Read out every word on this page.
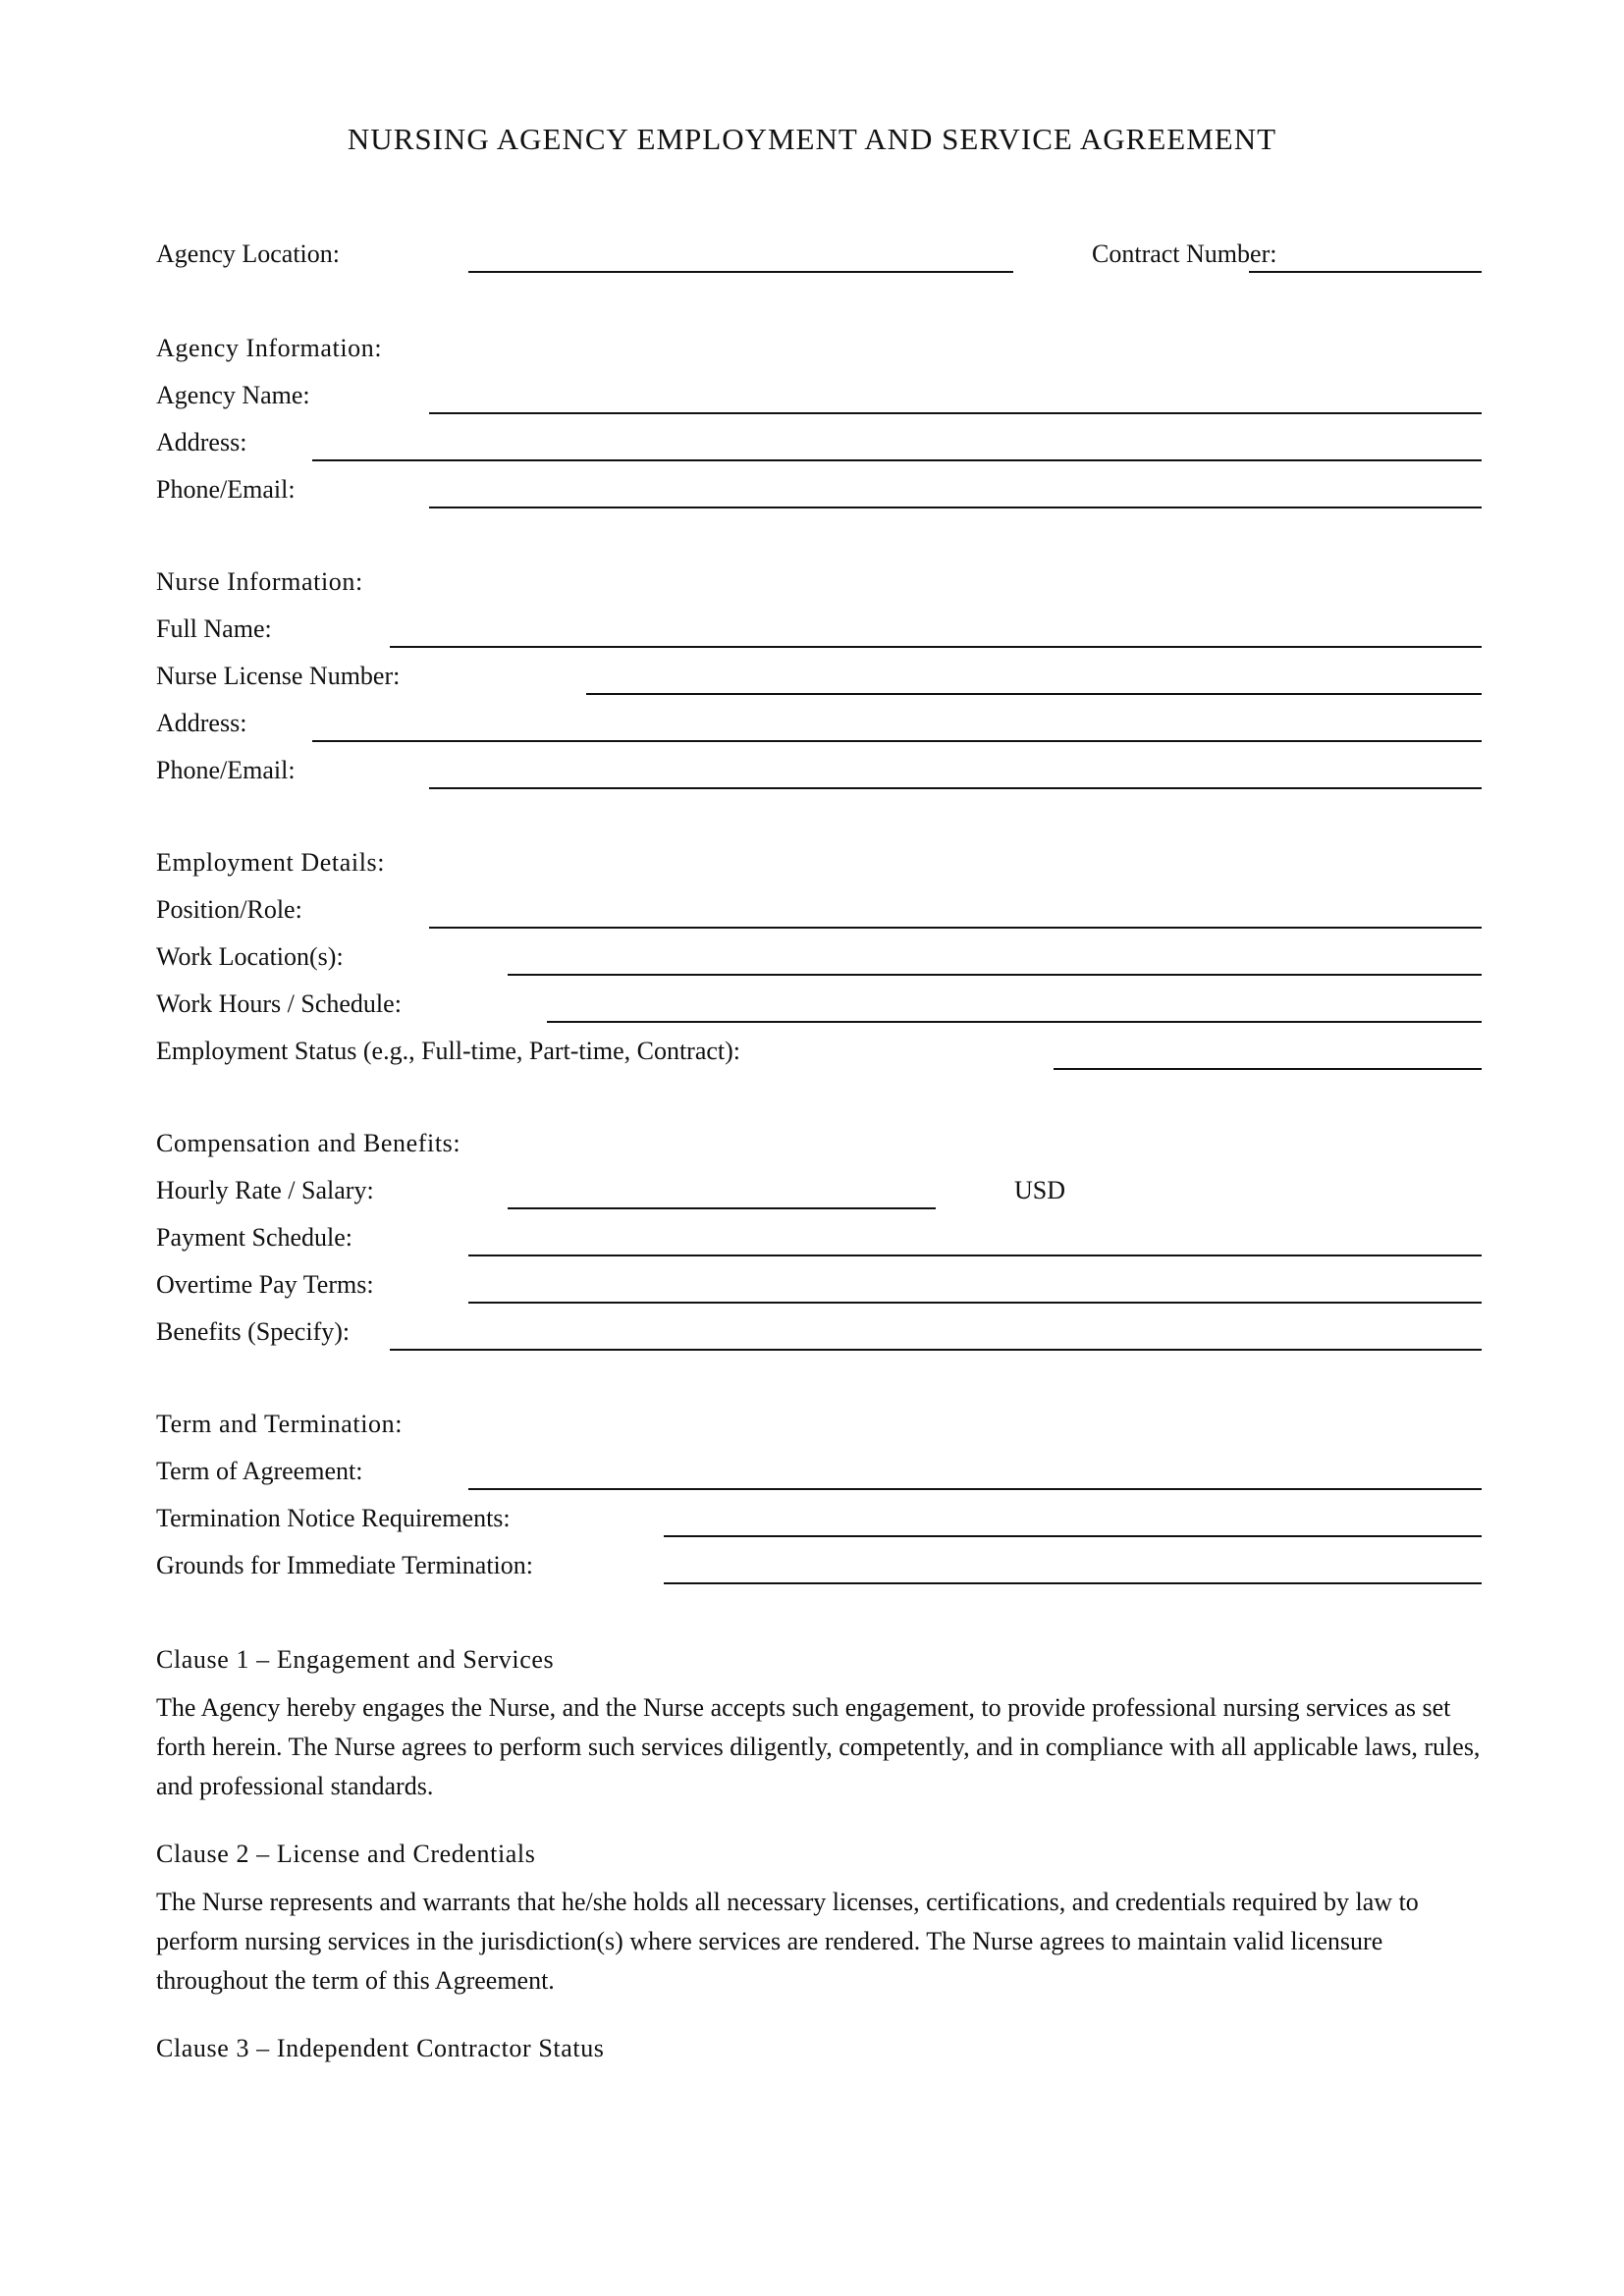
NURSING AGENCY EMPLOYMENT AND SERVICE AGREEMENT
Agency Location:	Contract Number:
Agency Information:
Agency Name:
Address:
Phone/Email:
Nurse Information:
Full Name:
Nurse License Number:
Address:
Phone/Email:
Employment Details:
Position/Role:
Work Location(s):
Work Hours / Schedule:
Employment Status (e.g., Full-time, Part-time, Contract):
Compensation and Benefits:
Hourly Rate / Salary:	USD
Payment Schedule:
Overtime Pay Terms:
Benefits (Specify):
Term and Termination:
Term of Agreement:
Termination Notice Requirements:
Grounds for Immediate Termination:
Clause 1 – Engagement and Services
The Agency hereby engages the Nurse, and the Nurse accepts such engagement, to provide professional nursing services as set forth herein. The Nurse agrees to perform such services diligently, competently, and in compliance with all applicable laws, rules, and professional standards.
Clause 2 – License and Credentials
The Nurse represents and warrants that he/she holds all necessary licenses, certifications, and credentials required by law to perform nursing services in the jurisdiction(s) where services are rendered. The Nurse agrees to maintain valid licensure throughout the term of this Agreement.
Clause 3 – Independent Contractor Status
